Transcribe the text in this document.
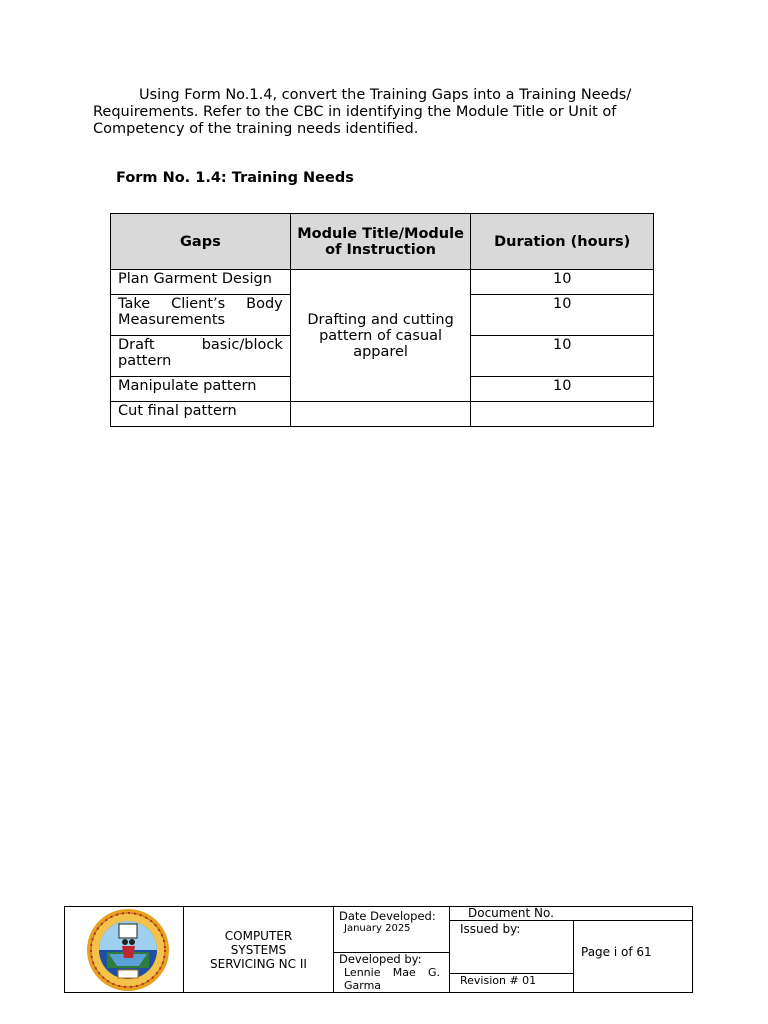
Using Form No.1.4, convert the Training Gaps into a Training Needs/ Requirements. Refer to the CBC in identifying the Module Title or Unit of Competency of the training needs identified.

Form No. 1.4: Training Needs

Gaps	Module Title/Module of Instruction	Duration (hours)
Plan Garment Design	Drafting and cutting pattern of casual apparel	10
Take Client’s Body Measurements		10
Draft basic/block pattern		10
Manipulate pattern		10
Cut final pattern		
COMPUTER SYSTEMS SERVICING NC II
Date Developed:
January 2025
Developed by:
Lennie Mae G. Garma
Document No.
Issued by:
Page i of 61
Revision # 01
